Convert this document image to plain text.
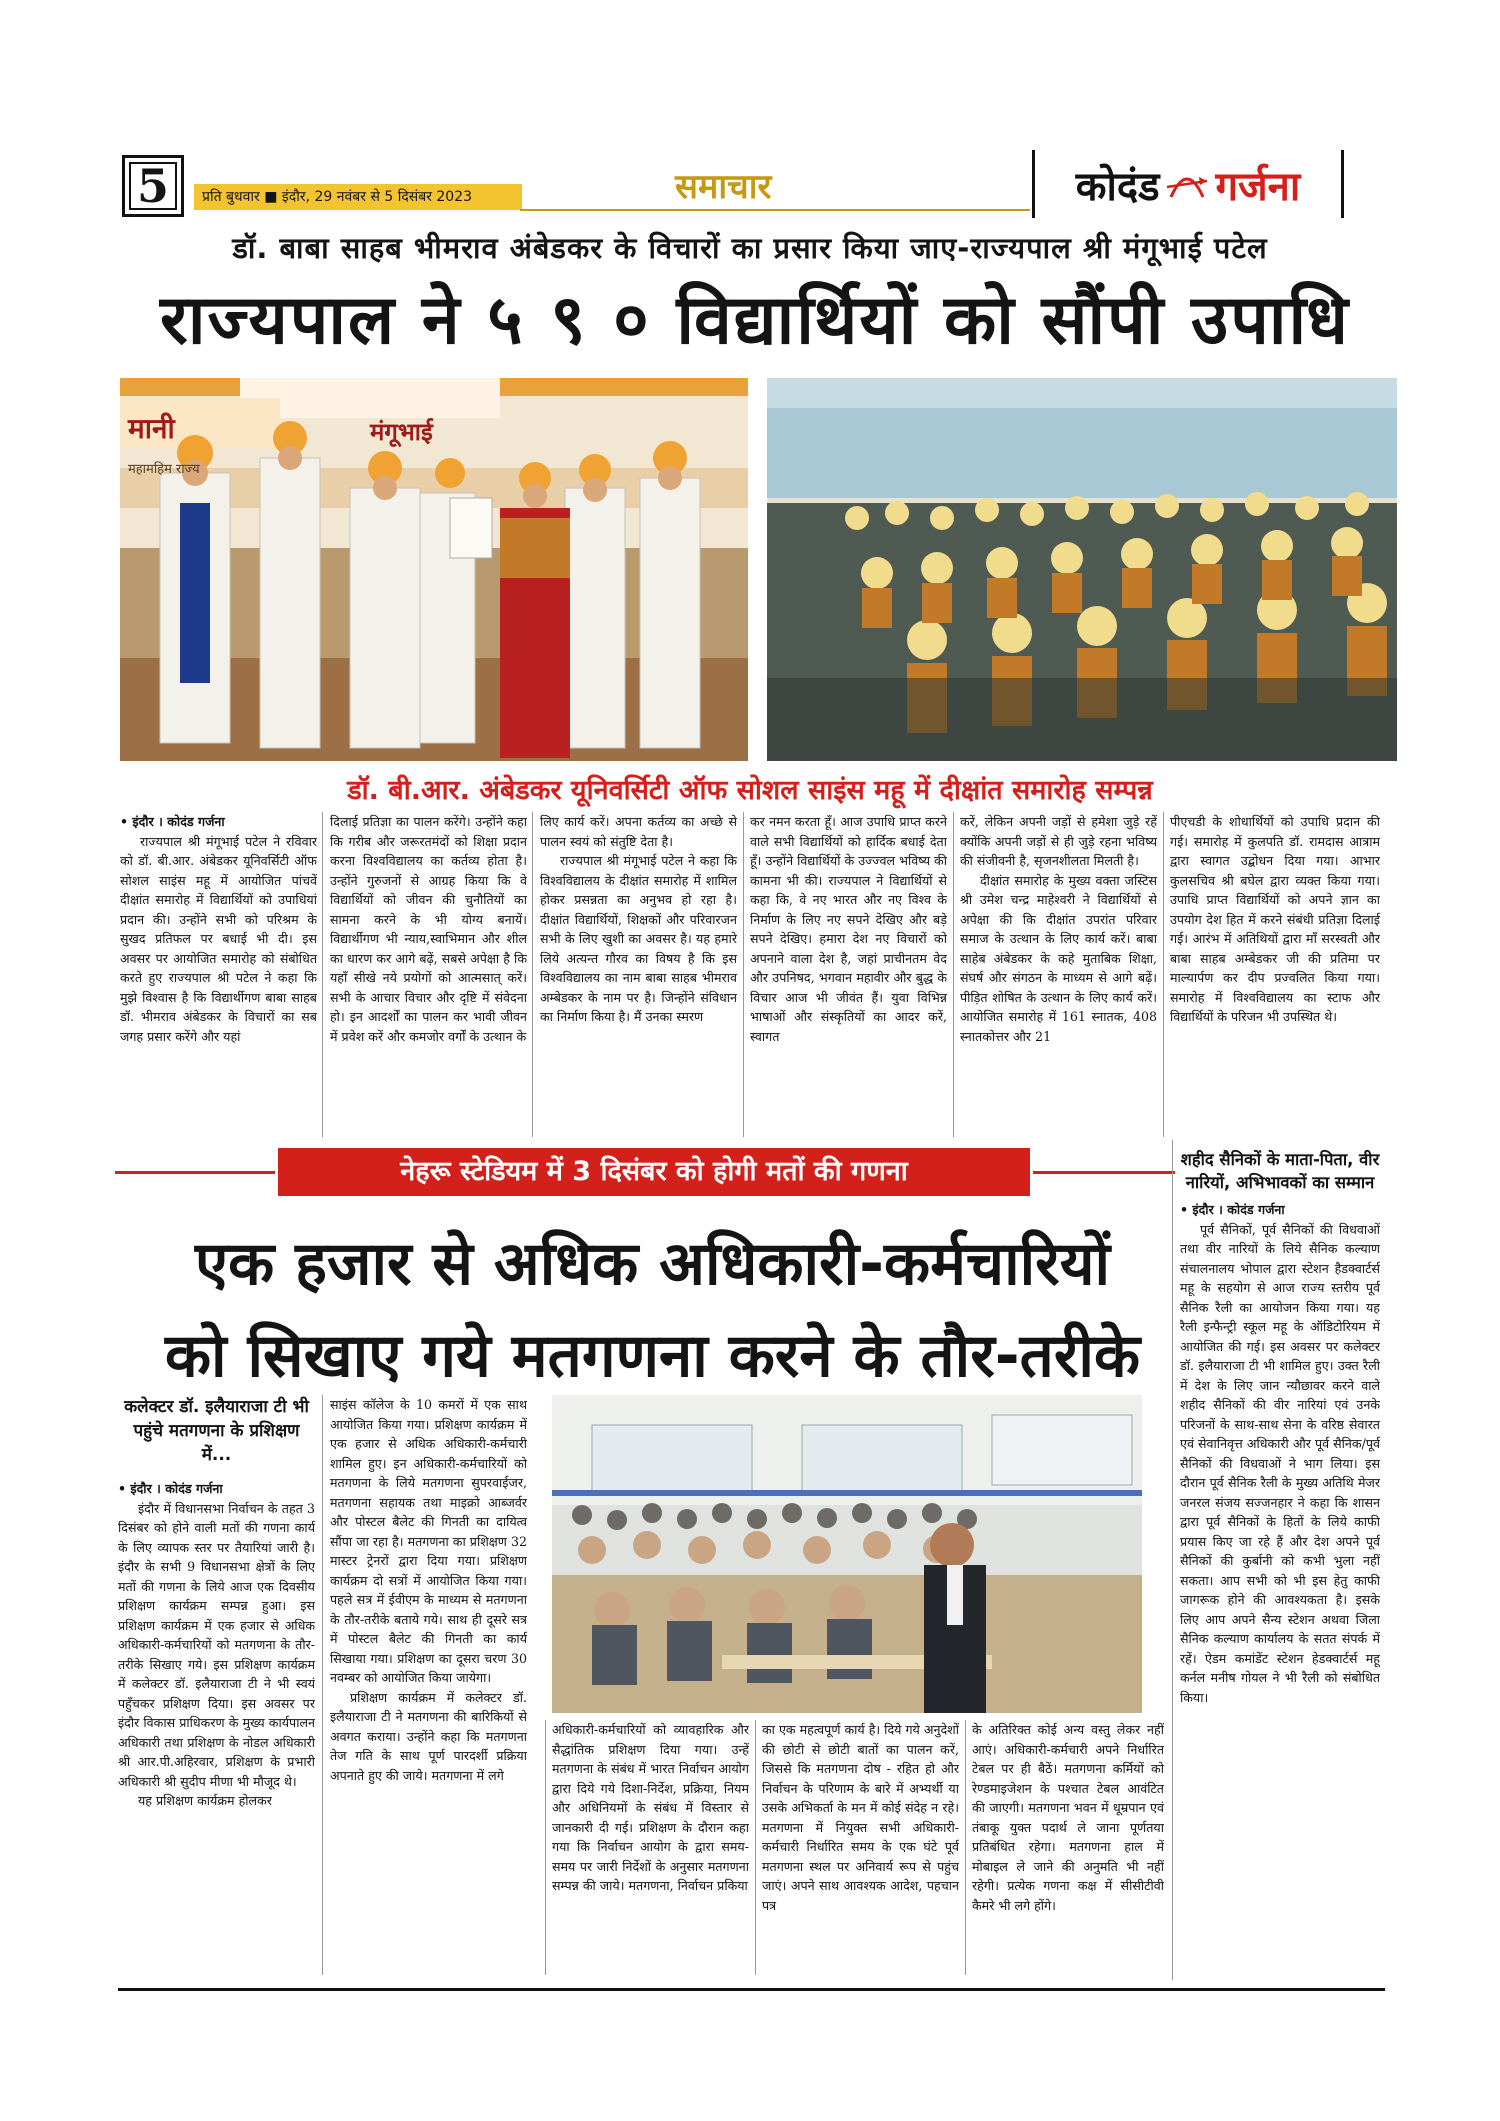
5	प्रति बुधवार ■ इंदौर, 29 नवंबर से 5 दिसंबर 2023	समाचार	कोदंड गर्जना
डॉ. बाबा साहब भीमराव अंबेडकर के विचारों का प्रसार किया जाए-राज्यपाल श्री मंगूभाई पटेल
राज्यपाल ने ५ ९ ० विद्यार्थियों को सौंपी उपाधि
मानी	मंगूभाई
महामहिम राज्य
डॉ. बी.आर. अंबेडकर यूनिवर्सिटी ऑफ सोशल साइंस महू में दीक्षांत समारोह सम्पन्न
• इंदौर । कोदंड गर्जना

राज्यपाल श्री मंगूभाई पटेल ने रविवार को डॉ. बी.आर. अंबेडकर यूनिवर्सिटी ऑफ सोशल साइंस महू में आयोजित पांचवें दीक्षांत समारोह में विद्यार्थियों को उपाधियां प्रदान की। उन्होंने सभी को परिश्रम के सुखद प्रतिफल पर बधाई भी दी। इस अवसर पर आयोजित समारोह को संबोधित करते हुए राज्यपाल श्री पटेल ने कहा कि मुझे विश्वास है कि विद्यार्थीगण बाबा साहब डॉ. भीमराव अंबेडकर के विचारों का सब जगह प्रसार करेंगे और यहां

दिलाई प्रतिज्ञा का पालन करेंगे। उन्होंने कहा कि गरीब और जरूरतमंदों को शिक्षा प्रदान करना विश्वविद्यालय का कर्तव्य होता है। उन्होंने गुरुजनों से आग्रह किया कि वे विद्यार्थियों को जीवन की चुनौतियों का सामना करने के भी योग्य बनायें। विद्यार्थीगण भी न्याय,स्वाभिमान और शील का धारण कर आगे बढ़ें, सबसे अपेक्षा है कि यहाँ सीखे नये प्रयोगों को आत्मसात् करें। सभी के आचार विचार और दृष्टि में संवेदना हो। इन आदर्शों का पालन कर भावी जीवन में प्रवेश करें और कमजोर वर्गों के उत्थान के

लिए कार्य करें। अपना कर्तव्य का अच्छे से पालन स्वयं को संतुष्टि देता है।

राज्यपाल श्री मंगूभाई पटेल ने कहा कि विश्वविद्यालय के दीक्षांत समारोह में शामिल होकर प्रसन्नता का अनुभव हो रहा है। दीक्षांत विद्यार्थियों, शिक्षकों और परिवारजन सभी के लिए खुशी का अवसर है। यह हमारे लिये अत्यन्त गौरव का विषय है कि इस विश्वविद्यालय का नाम बाबा साहब भीमराव अम्बेडकर के नाम पर है। जिन्होंने संविधान का निर्माण किया है। मैं उनका स्मरण

कर नमन करता हूँ। आज उपाधि प्राप्त करने वाले सभी विद्यार्थियों को हार्दिक बधाई देता हूँ। उन्होंने विद्यार्थियों के उज्ज्वल भविष्य की कामना भी की। राज्यपाल ने विद्यार्थियों से कहा कि, वे नए भारत और नए विश्व के निर्माण के लिए नए सपने देखिए और बड़े सपने देखिए। हमारा देश नए विचारों को अपनाने वाला देश है, जहां प्राचीनतम वेद और उपनिषद, भगवान महावीर और बुद्ध के विचार आज भी जीवंत हैं। युवा विभिन्न भाषाओं और संस्कृतियों का आदर करें, स्वागत

करें, लेकिन अपनी जड़ों से हमेशा जुड़े रहें क्योंकि अपनी जड़ों से ही जुड़े रहना भविष्य की संजीवनी है, सृजनशीलता मिलती है।

दीक्षांत समारोह के मुख्य वक्ता जस्टिस श्री उमेश चन्द्र माहेश्वरी ने विद्यार्थियों से अपेक्षा की कि दीक्षांत उपरांत परिवार समाज के उत्थान के लिए कार्य करें। बाबा साहेब अंबेडकर के कहे मुताबिक शिक्षा, संघर्ष और संगठन के माध्यम से आगे बढ़ें। पीड़ित शोषित के उत्थान के लिए कार्य करें। आयोजित समारोह में 161 स्नातक, 408 स्नातकोत्तर और 21

पीएचडी के शोधार्थियों को उपाधि प्रदान की गई। समारोह में कुलपति डॉ. रामदास आत्राम द्वारा स्वागत उद्बोधन दिया गया। आभार कुलसचिव श्री बघेल द्वारा व्यक्त किया गया। उपाधि प्राप्त विद्यार्थियों को अपने ज्ञान का उपयोग देश हित में करने संबंधी प्रतिज्ञा दिलाई गई। आरंभ में अतिथियों द्वारा माँ सरस्वती और बाबा साहब अम्बेडकर जी की प्रतिमा पर माल्यार्पण कर दीप प्रज्वलित किया गया। समारोह में विश्वविद्यालय का स्टाफ और विद्यार्थियों के परिजन भी उपस्थित थे।

नेहरू स्टेडियम में 3 दिसंबर को होगी मतों की गणना
एक हजार से अधिक अधिकारी-कर्मचारियों
को सिखाए गये मतगणना करने के तौर-तरीके
कलेक्टर डॉ. इलैयाराजा टी भी पहुंचे मतगणना के प्रशिक्षण में...
• इंदौर । कोदंड गर्जना

इंदौर में विधानसभा निर्वाचन के तहत 3 दिसंबर को होने वाली मतों की गणना कार्य के लिए व्यापक स्तर पर तैयारियां जारी है। इंदौर के सभी 9 विधानसभा क्षेत्रों के लिए मतों की गणना के लिये आज एक दिवसीय प्रशिक्षण कार्यक्रम सम्पन्न हुआ। इस प्रशिक्षण कार्यक्रम में एक हजार से अधिक अधिकारी-कर्मचारियों को मतगणना के तौर-तरीके सिखाए गये। इस प्रशिक्षण कार्यक्रम में कलेक्टर डॉ. इलैयाराजा टी ने भी स्वयं पहुँचकर प्रशिक्षण दिया। इस अवसर पर इंदौर विकास प्राधिकरण के मुख्य कार्यपालन अधिकारी तथा प्रशिक्षण के नोडल अधिकारी श्री आर.पी.अहिरवार, प्रशिक्षण के प्रभारी अधिकारी श्री सुदीप मीणा भी मौजूद थे।

यह प्रशिक्षण कार्यक्रम होलकर

साइंस कॉलेज के 10 कमरों में एक साथ आयोजित किया गया। प्रशिक्षण कार्यक्रम में एक हजार से अधिक अधिकारी-कर्मचारी शामिल हुए। इन अधिकारी-कर्मचारियों को मतगणना के लिये मतगणना सुपरवाईजर, मतगणना सहायक तथा माइक्रो आब्जर्वर और पोस्टल बैलेट की गिनती का दायित्व सौंपा जा रहा है। मतगणना का प्रशिक्षण 32 मास्टर ट्रेनरों द्वारा दिया गया। प्रशिक्षण कार्यक्रम दो सत्रों में आयोजित किया गया। पहले सत्र में ईवीएम के माध्यम से मतगणना के तौर-तरीके बताये गये। साथ ही दूसरे सत्र में पोस्टल बैलेट की गिनती का कार्य सिखाया गया। प्रशिक्षण का दूसरा चरण 30 नवम्बर को आयोजित किया जायेगा।

प्रशिक्षण कार्यक्रम में कलेक्टर डॉ. इलैयाराजा टी ने मतगणना की बारिकियों से अवगत कराया। उन्होंने कहा कि मतगणना तेज गति के साथ पूर्ण पारदर्शी प्रक्रिया अपनाते हुए की जाये। मतगणना में लगे

अधिकारी-कर्मचारियों को व्यावहारिक और सैद्धांतिक प्रशिक्षण दिया गया। उन्हें मतगणना के संबंध में भारत निर्वाचन आयोग द्वारा दिये गये दिशा-निर्देश, प्रक्रिया, नियम और अधिनियमों के संबंध में विस्तार से जानकारी दी गई। प्रशिक्षण के दौरान कहा गया कि निर्वाचन आयोग के द्वारा समय-समय पर जारी निर्देशों के अनुसार मतगणना सम्पन्न की जाये। मतगणना, निर्वाचन प्रकिया

का एक महत्वपूर्ण कार्य है। दिये गये अनुदेशों की छोटी से छोटी बातों का पालन करें, जिससे कि मतगणना दोष - रहित हो और निर्वाचन के परिणाम के बारे में अभ्यर्थी या उसके अभिकर्ता के मन में कोई संदेह न रहे। मतगणना में नियुक्त सभी अधिकारी-कर्मचारी निर्धारित समय के एक घंटे पूर्व मतगणना स्थल पर अनिवार्य रूप से पहुंच जाएं। अपने साथ आवश्यक आदेश, पहचान पत्र

के अतिरिक्त कोई अन्य वस्तु लेकर नहीं आएं। अधिकारी-कर्मचारी अपने निर्धारित टेबल पर ही बैठें। मतगणना कर्मियों को रेण्डमाइजेशन के पश्चात टेबल आवंटित की जाएगी। मतगणना भवन में धूम्रपान एवं तंबाकू युक्त पदार्थ ले जाना पूर्णतया प्रतिबंधित रहेगा। मतगणना हाल में मोबाइल ले जाने की अनुमति भी नहीं रहेगी। प्रत्येक गणना कक्ष में सीसीटीवी कैमरे भी लगे होंगे।

शहीद सैनिकों के माता-पिता, वीर नारियों, अभिभावकों का सम्मान
• इंदौर । कोदंड गर्जना

पूर्व सैनिकों, पूर्व सैनिकों की विधवाओं तथा वीर नारियों के लिये सैनिक कल्याण संचालनालय भोपाल द्वारा स्टेशन हैडक्वार्टर्स महू के सहयोग से आज राज्य स्तरीय पूर्व सैनिक रैली का आयोजन किया गया। यह रैली इन्फैन्ट्री स्कूल महू के ऑडिटोरियम में आयोजित की गई। इस अवसर पर कलेक्टर डॉ. इलैयाराजा टी भी शामिल हुए। उक्त रैली में देश के लिए जान न्यौछावर करने वाले शहीद सैनिकों की वीर नारियां एवं उनके परिजनों के साथ-साथ सेना के वरिष्ठ सेवारत एवं सेवानिवृत्त अधिकारी और पूर्व सैनिक/पूर्व सैनिकों की विधवाओं ने भाग लिया। इस दौरान पूर्व सैनिक रैली के मुख्य अतिथि मेजर जनरल संजय सज्जनहार ने कहा कि शासन द्वारा पूर्व सैनिकों के हितों के लिये काफी प्रयास किए जा रहे हैं और देश अपने पूर्व सैनिकों की कुर्बानी को कभी भुला नहीं सकता। आप सभी को भी इस हेतु काफी जागरूक होने की आवश्यकता है। इसके लिए आप अपने सैन्य स्टेशन अथवा जिला सैनिक कल्याण कार्यालय के सतत संपर्क में रहें। ऐडम कमांडेंट स्टेशन हेडक्वार्टर्स महू कर्नल मनीष गोयल ने भी रैली को संबोधित किया।
